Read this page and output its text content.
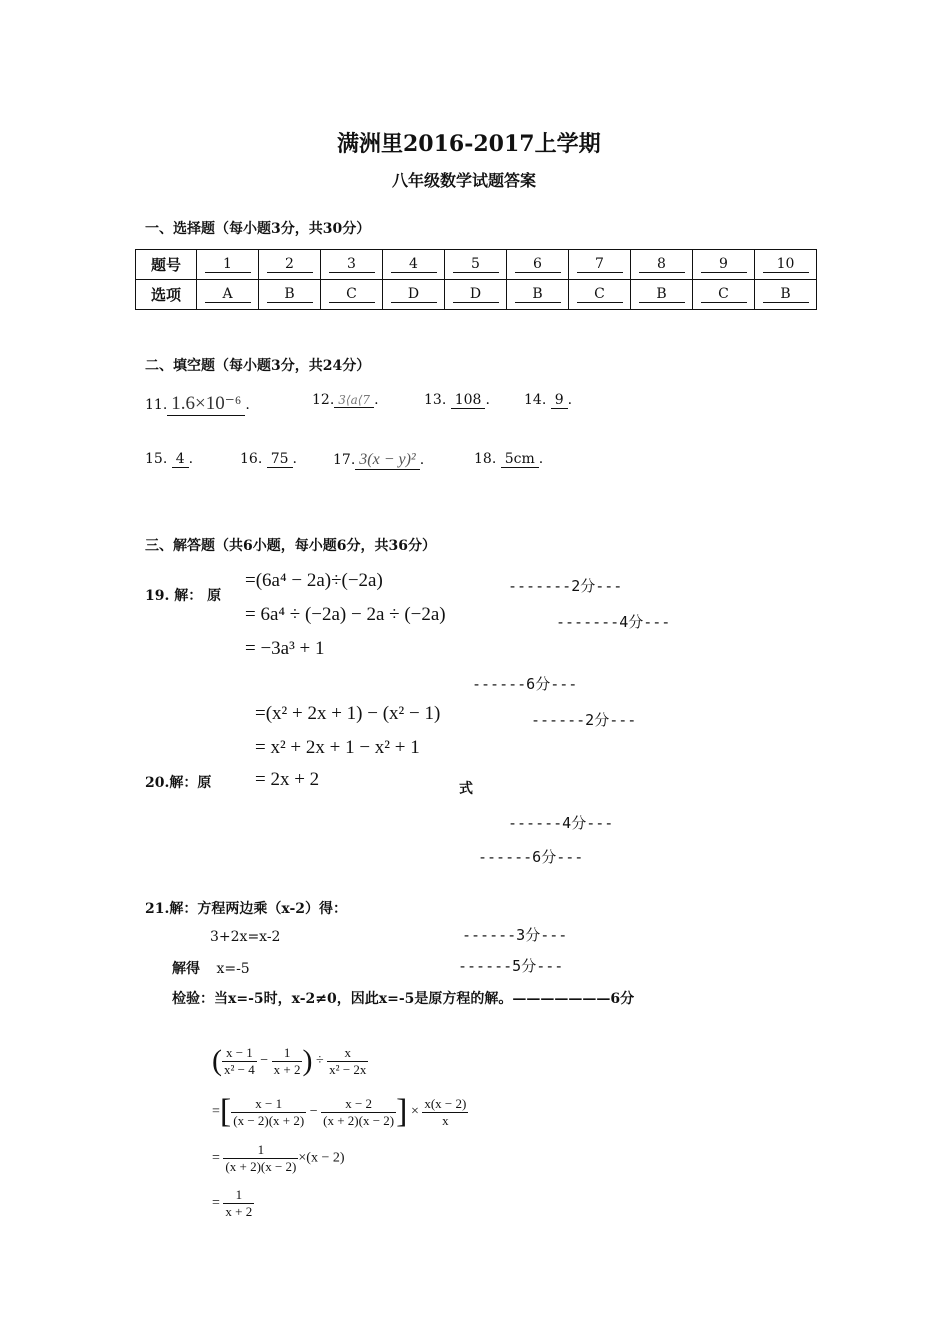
满洲里2016-2017上学期
八年级数学试题答案
一、选择题（每小题3分，共30分）
题号	1	2	3	4	5	6	7	8	9	10
选项	A	B	C	D	D	B	C	B	C	B
二、填空题（每小题3分，共24分）
11. 1.6×10⁻⁶ .	12. 3⟨a⟨7 .	13. 108 . 14. 9 .
15. 4 .	16. 75 .	17. 3(x − y)² .	18. 5cm .
三、解答题（共6小题，每小题6分，共36分）
19. 解： 原
=(6a⁴ − 2a)÷(−2a)
= 6a⁴ ÷ (−2a) − 2a ÷ (−2a)
= −3a³ + 1
-------2分---
-------4分---
------6分---
=(x² + 2x + 1) − (x² − 1)
= x² + 2x + 1 − x² + 1
= 2x + 2
20.解：原	式
------2分---
------4分---
------6分---
21.解：方程两边乘（x-2）得：
3+2x=x-2
解得 x=-5
检验：当x=-5时，x-2≠0，因此x=-5是原方程的解。———————6分
------3分---
------5分---
( $\frac{x - 1}{\text{x² − 4}} - \frac{1}{x + 2}$ ) ÷ $\frac{x}{\text{x² − 2x}}$
=[ $\frac{x - 1}{(x - 2)(x + 2)} - \frac{x - 2}{(x + 2)(x - 2)}$ ] × $\frac{x(x - 2)}{x}$
= $\frac{1}{(x + 2)(x - 2)} \times(x - 2)$
= $\frac{1}{x + 2}$
